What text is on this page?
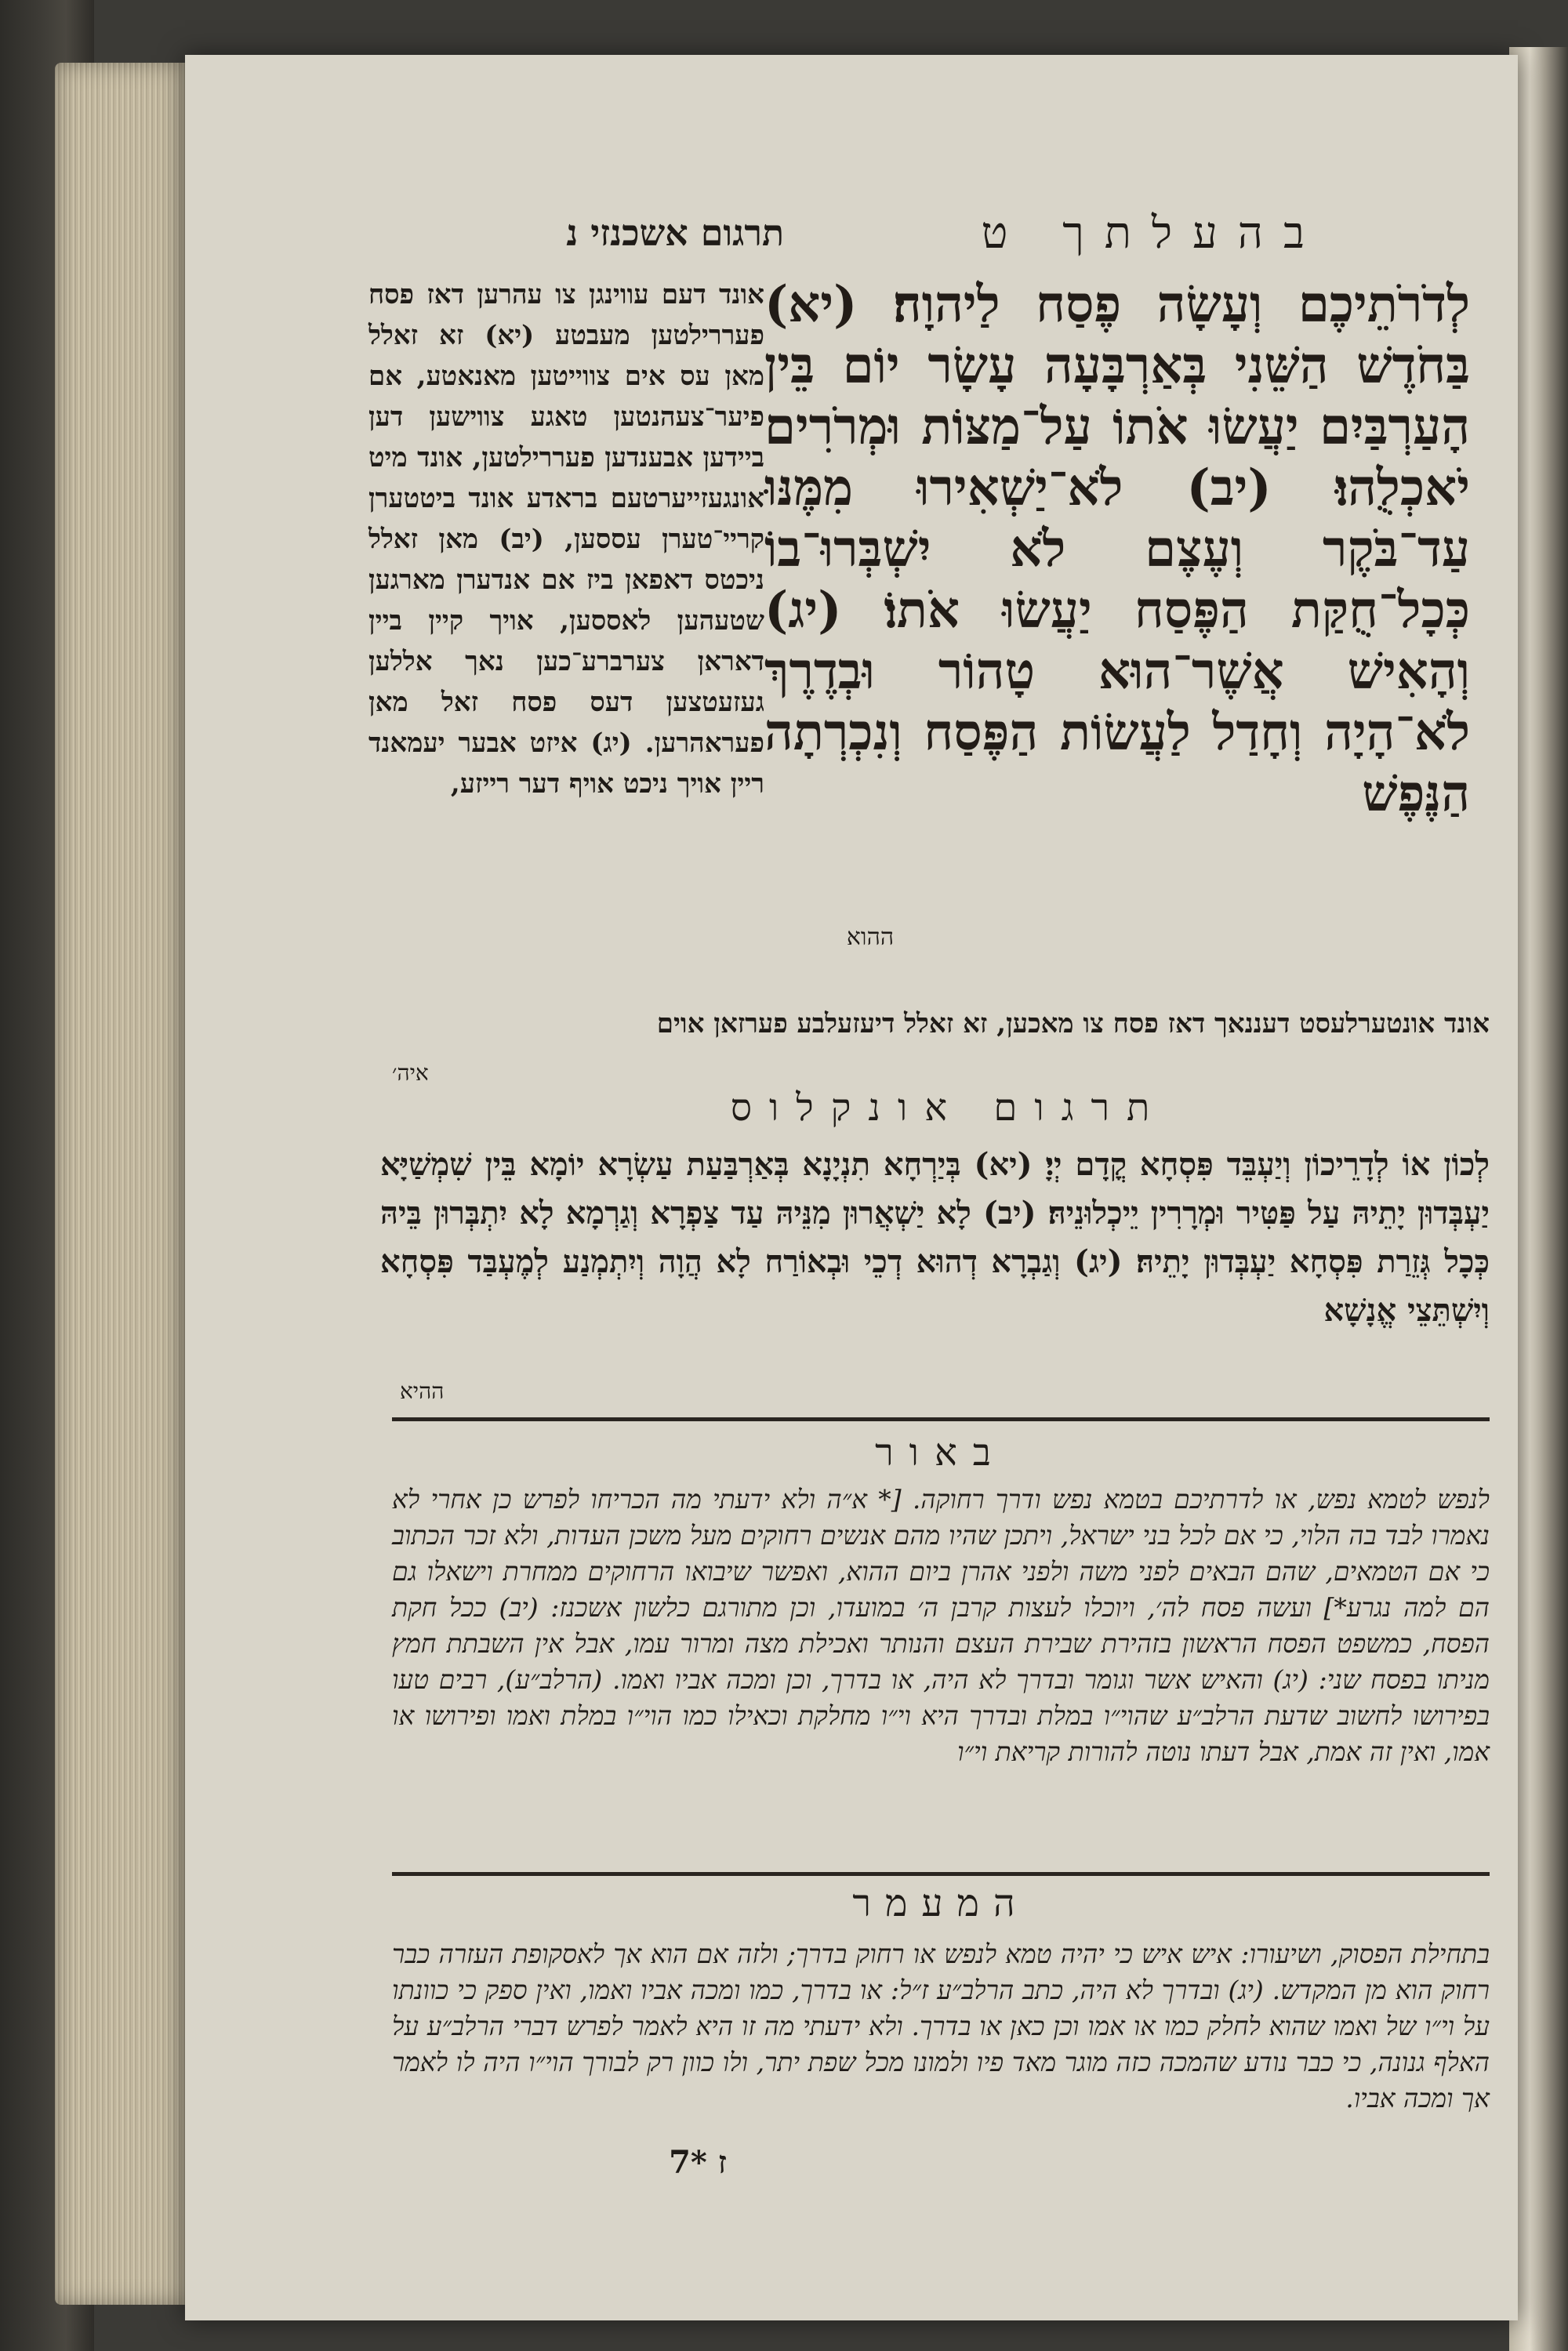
בהעלתך ט
תרגום אשכנזי נ
לְדֹרֹתֵיכֶם וְעָשָׂה פֶסַח לַיהוָה׃ (יא) בַּחֹדֶשׁ הַשֵּׁנִי בְּאַרְבָּעָה עָשָׂר יוֹם בֵּין הָעַרְבַּיִם יַעֲשׂוּ אֹתוֹ עַל־מַצּוֹת וּמְרֹרִים יֹאכְלֻהוּ׃ (יב) לֹא־יַשְׁאִירוּ מִמֶּנּוּ עַד־בֹּקֶר וְעֶצֶם לֹא יִשְׁבְּרוּ־בוֹ כְּכָל־חֻקַּת הַפֶּסַח יַעֲשׂוּ אֹתוֹ׃ (יג) וְהָאִישׁ אֲשֶׁר־הוּא טָהוֹר וּבְדֶרֶךְ לֹא־הָיָה וְחָדַל לַעֲשׂוֹת הַפֶּסַח וְנִכְרְתָה הַנֶּפֶשׁ
ההוא
אונד דעם עווינגן צו עהרען דאז פסח פעררילטען מעבטע (יא) זא זאלל מאן עס אים צווייטען מאנאטע, אם פיער־צעהנטען טאגע צווישען דען ביידען אבענדען פעררילטען, אונד מיט אונגעזייערטעם בראדע אונד ביטטערן קריי־טערן עססען, (יב) מאן זאלל ניכטס דאפאן ביז אם אנדערן מארגען שטעהען לאססען, אויך קיין ביין דאראן צערברע־כען נאך אללען געזעטצען דעס פסח זאל מאן פעראהרען. (יג) איזט אבער יעמאנד ריין אויך ניכט אויף דער רייזע,
אונד אונטערלעסט דעננאך דאז פסח צו מאכען, זא זאלל דיעזעלבע פערזאן אוים
איה׳
תרגום אונקלוס
לְכוֹן אוֹ לְדָרֵיכוֹן וְיַעְבֵּד פִּסְחָא קֳדָם יְיָ׃ (יא) בְּיַרְחָא תִנְיָנָא בְּאַרְבַּעַת עַשְׂרָא יוֹמָא בֵּין שִׁמְשַׁיָּא יַעְבְּדוּן יָתֵיהּ עַל פַּטִּיר וּמְרָרִין יֵיכְלוּנֵיהּ׃ (יב) לָא יַשְׁאֲרוּן מִנֵּיהּ עַד צַפְרָא וְגַרְמָא לָא יִתְבְּרוּן בֵּיהּ כְּכָל גְּזֵרַת פִּסְחָא יַעְבְּדוּן יָתֵיהּ׃ (יג) וְגַבְרָא דְהוּא דְכֵי וּבְאוֹרַח לָא הֲוָה וְיִתְמְנַע לְמֶעְבַּד פִּסְחָא וְיִשְׁתֵּצֵי אֱנָשָׁא
ההיא
באור
לנפש לטמא נפש, או לדרתיכם בטמא נפש ודרך רחוקה. [* א״ה ולא ידעתי מה הכריחו לפרש כן אחרי לא נאמרו לבד בה הלוי, כי אם לכל בני ישראל, ויתכן שהיו מהם אנשים רחוקים מעל משכן העדות, ולא זכר הכתוב כי אם הטמאים, שהם הבאים לפני משה ולפני אהרן ביום ההוא, ואפשר שיבואו הרחוקים ממחרת וישאלו גם הם למה נגרע*] ועשה פסח לה׳, ויוכלו לעצות קרבן ה׳ במועדו, וכן מתורגם כלשון אשכנז: (יב) ככל חקת הפסח, כמשפט הפסח הראשון בזהירת שבירת העצם והנותר ואכילת מצה ומרור עמו, אבל אין השבתת חמץ מניתו בפסח שני: (יג) והאיש אשר וגומר ובדרך לא היה, או בדרך, וכן ומכה אביו ואמו. (הרלב״ע), רבים טעו בפירושו לחשוב שדעת הרלב״ע שהוי״ו במלת ובדרך היא וי״ו מחלקת וכאילו כמו הוי״ו במלת ואמו ופירושו או אמו, ואין זה אמת, אבל דעתו נוטה להורות קריאת וי״ו
המעמר
בתחילת הפסוק, ושיעורו: איש איש כי יהיה טמא לנפש או רחוק בדרך; ולזה אם הוא אך לאסקופת העזרה כבר רחוק הוא מן המקדש. (יג) ובדרך לא היה, כתב הרלב״ע ז״ל: או בדרך, כמו ומכה אביו ואמו, ואין ספק כי כוונתו על וי״ו של ואמו שהוא לחלק כמו או אמו וכן כאן או בדרך. ולא ידעתי מה זו היא לאמר לפרש דברי הרלב״ע על האלף גנונה, כי כבר נודע שהמכה כזה מוגר מאד פיו ולמונו מכל שפת יתר, ולו כוון רק לבורך הוי״ו היה לו לאמר אך ומכה אביו.
7* ז
